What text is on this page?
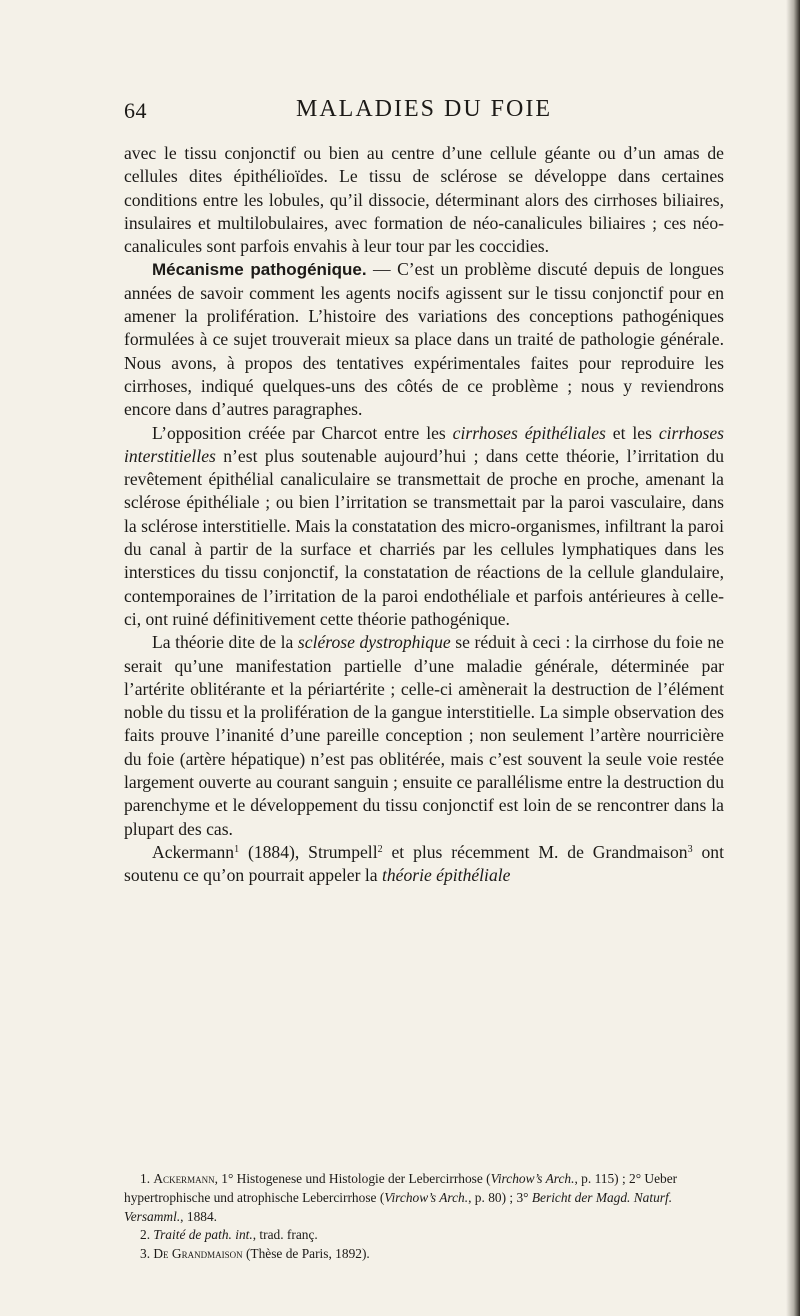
64	MALADIES DU FOIE

avec le tissu conjonctif ou bien au centre d’une cellule géante ou d’un amas de cellules dites épithélioïdes. Le tissu de sclérose se développe dans certaines conditions entre les lobules, qu’il dissocie, déterminant alors des cirrhoses biliaires, insulaires et multilobulaires, avec formation de néo-canalicules biliaires ; ces néo-canalicules sont parfois envahis à leur tour par les coccidies.

Mécanisme pathogénique. — C’est un problème discuté depuis de longues années de savoir comment les agents nocifs agissent sur le tissu conjonctif pour en amener la prolifération. L’histoire des variations des conceptions pathogéniques formulées à ce sujet trouverait mieux sa place dans un traité de pathologie générale. Nous avons, à propos des tentatives expérimentales faites pour reproduire les cirrhoses, indiqué quelques-uns des côtés de ce problème ; nous y reviendrons encore dans d’autres paragraphes.

L’opposition créée par Charcot entre les cirrhoses épithéliales et les cirrhoses interstitielles n’est plus soutenable aujourd’hui ; dans cette théorie, l’irritation du revêtement épithélial canaliculaire se transmettait de proche en proche, amenant la sclérose épithéliale ; ou bien l’irritation se transmettait par la paroi vasculaire, dans la sclérose interstitielle. Mais la constatation des micro-organismes, infiltrant la paroi du canal à partir de la surface et charriés par les cellules lymphatiques dans les interstices du tissu conjonctif, la constatation de réactions de la cellule glandulaire, contemporaines de l’irritation de la paroi endothéliale et parfois antérieures à celle-ci, ont ruiné définitivement cette théorie pathogénique.

La théorie dite de la sclérose dystrophique se réduit à ceci : la cirrhose du foie ne serait qu’une manifestation partielle d’une maladie générale, déterminée par l’artérite oblitérante et la périartérite ; celle-ci amènerait la destruction de l’élément noble du tissu et la prolifération de la gangue interstitielle. La simple observation des faits prouve l’inanité d’une pareille conception ; non seulement l’artère nourricière du foie (artère hépatique) n’est pas oblitérée, mais c’est souvent la seule voie restée largement ouverte au courant sanguin ; ensuite ce parallélisme entre la destruction du parenchyme et le développement du tissu conjonctif est loin de se rencontrer dans la plupart des cas.

Ackermann$^1$ (1884), Strumpell$^2$ et plus récemment M. de Grandmaison$^3$ ont soutenu ce qu’on pourrait appeler la théorie épithéliale

1. Ackermann, 1° Histogenese und Histologie der Lebercirrhose (Virchow’s Arch., p. 115) ; 2° Ueber hypertrophische und atrophische Lebercirrhose (Virchow’s Arch., p. 80) ; 3° Bericht der Magd. Naturf. Versamml., 1884.

2. Traité de path. int., trad. franç.

3. De Grandmaison (Thèse de Paris, 1892).
